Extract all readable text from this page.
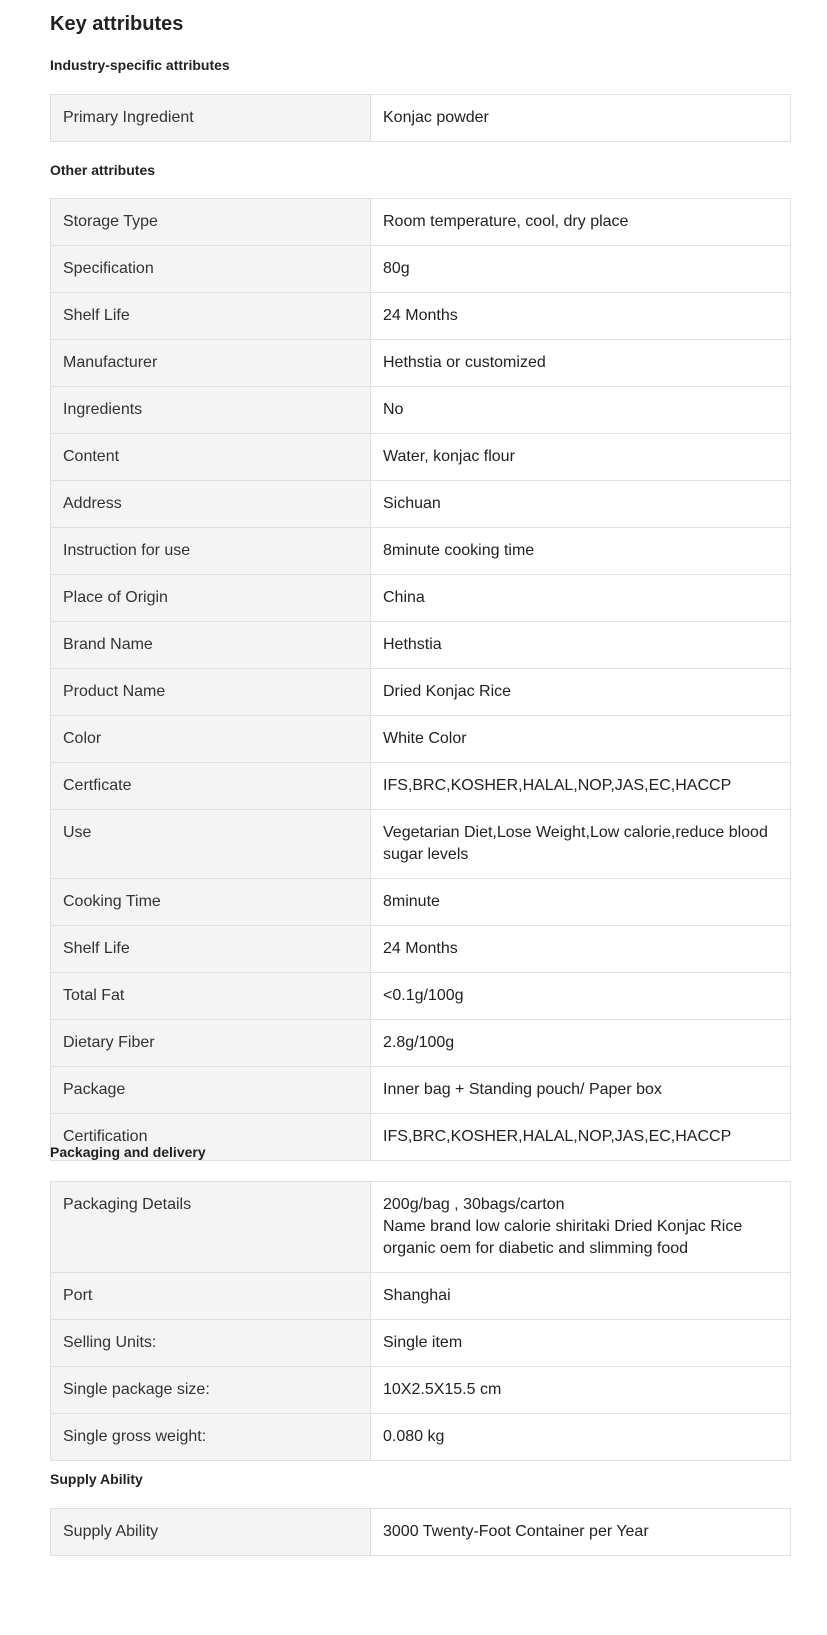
Key attributes
Industry-specific attributes
Primary Ingredient	Konjac powder
Other attributes
Storage Type	Room temperature, cool, dry place
Specification	80g
Shelf Life	24 Months
Manufacturer	Hethstia or customized
Ingredients	No
Content	Water, konjac flour
Address	Sichuan
Instruction for use	8minute cooking time
Place of Origin	China
Brand Name	Hethstia
Product Name	Dried Konjac Rice
Color	White Color
Certficate	IFS,BRC,KOSHER,HALAL,NOP,JAS,EC,HACCP
Use	Vegetarian Diet,Lose Weight,Low calorie,reduce blood sugar levels
Cooking Time	8minute
Shelf Life	24 Months
Total Fat	<0.1g/100g
Dietary Fiber	2.8g/100g
Package	Inner bag + Standing pouch/ Paper box
Certification	IFS,BRC,KOSHER,HALAL,NOP,JAS,EC,HACCP
Packaging and delivery
Packaging Details	200g/bag , 30bags/carton
Name brand low calorie shiritaki Dried Konjac Rice organic oem for diabetic and slimming food

Port	Shanghai
Selling Units:	Single item
Single package size:	10X2.5X15.5 cm
Single gross weight:	0.080 kg
Supply Ability
Supply Ability	3000 Twenty-Foot Container per Year
